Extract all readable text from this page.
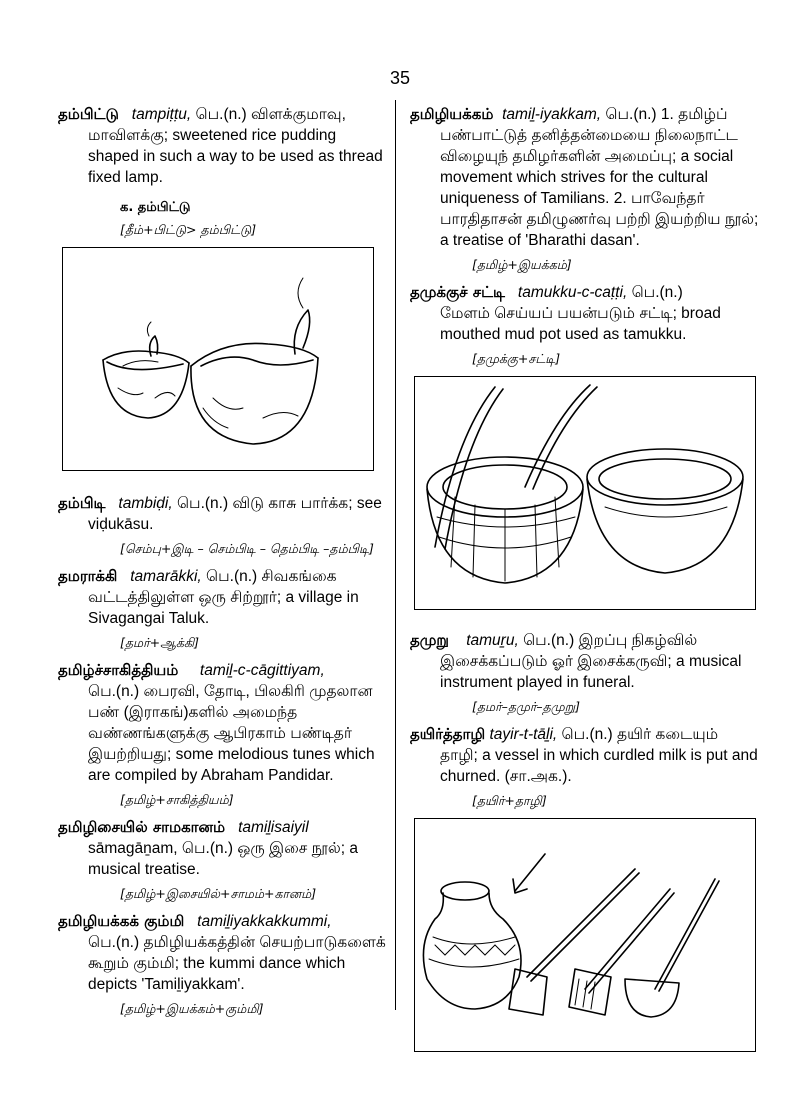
35

தம்பிட்டு tampiṭṭu, பெ.(n.) விளக்குமாவு,
மாவிளக்கு; sweetened rice pudding shaped in such a way to be used as thread fixed lamp.

க. தம்பிட்டு
[தீம்+பிட்டு> தம்பிட்டு]

தம்பிடி tambiḍi, பெ.(n.) விடு காசு பார்க்க; see
viḍukāsu.

[செம்பு+இடி – செம்பிடி – தெம்பிடி –தம்பிடி]

தமராக்கி tamarākki, பெ.(n.) சிவகங்கை
வட்டத்திலுள்ள ஒரு சிற்றூர்; a village in Sivagangai Taluk.

[தமர்+ஆக்கி]

தமிழ்ச்சாகித்தியம் tamiḻ-c-cāgittiyam,
பெ.(n.) பைரவி, தோடி, பிலகிரி முதலான பண் (இராகங்)களில் அமைந்த வண்ணங்களுக்கு ஆபிரகாம் பண்டிதர் இயற்றியது; some melodious tunes which are compiled by Abraham Pandidar.

[தமிழ்+சாகித்தியம்]

தமிழிசையில் சாமகானம் tamiḻisaiyil
sāmagāṉam, பெ.(n.) ஒரு இசை நூல்; a musical treatise.

[தமிழ்+இசையில்+சாமம்+கானம்]

தமிழியக்கக் கும்மி tamiḻiyakkakkummi,
பெ.(n.) தமிழியக்கத்தின் செயற்பாடுகளைக் கூறும் கும்மி; the kummi dance which depicts 'Tamiḻiyakkam'.

[தமிழ்+இயக்கம்+கும்மி]

தமிழியக்கம் tamiḻ-iyakkam, பெ.(n.) 1. தமிழ்ப்
பண்பாட்டுத் தனித்தன்மையை நிலைநாட்ட விழையுந் தமிழர்களின் அமைப்பு; a social movement which strives for the cultural uniqueness of Tamilians. 2. பாவேந்தர் பாரதிதாசன் தமிழுணர்வு பற்றி இயற்றிய நூல்; a treatise of 'Bharathi dasan'.

[தமிழ்+இயக்கம்]

தமுக்குச் சட்டி tamukku-c-caṭṭi, பெ.(n.)
மேளம் செய்யப் பயன்படும் சட்டி; broad mouthed mud pot used as tamukku.

[தமுக்கு+சட்டி]

தமுறு tamuṟu, பெ.(n.) இறப்பு நிகழ்வில்
இசைக்கப்படும் ஓர் இசைக்கருவி; a musical instrument played in funeral.

[தமர்–தமுர்–தமுறு]

தயிர்த்தாழி tayir-t-tāḻi, பெ.(n.) தயிர் கடையும்
தாழி; a vessel in which curdled milk is put and churned. (சா.அக.).

[தயிர்+தாழி]
